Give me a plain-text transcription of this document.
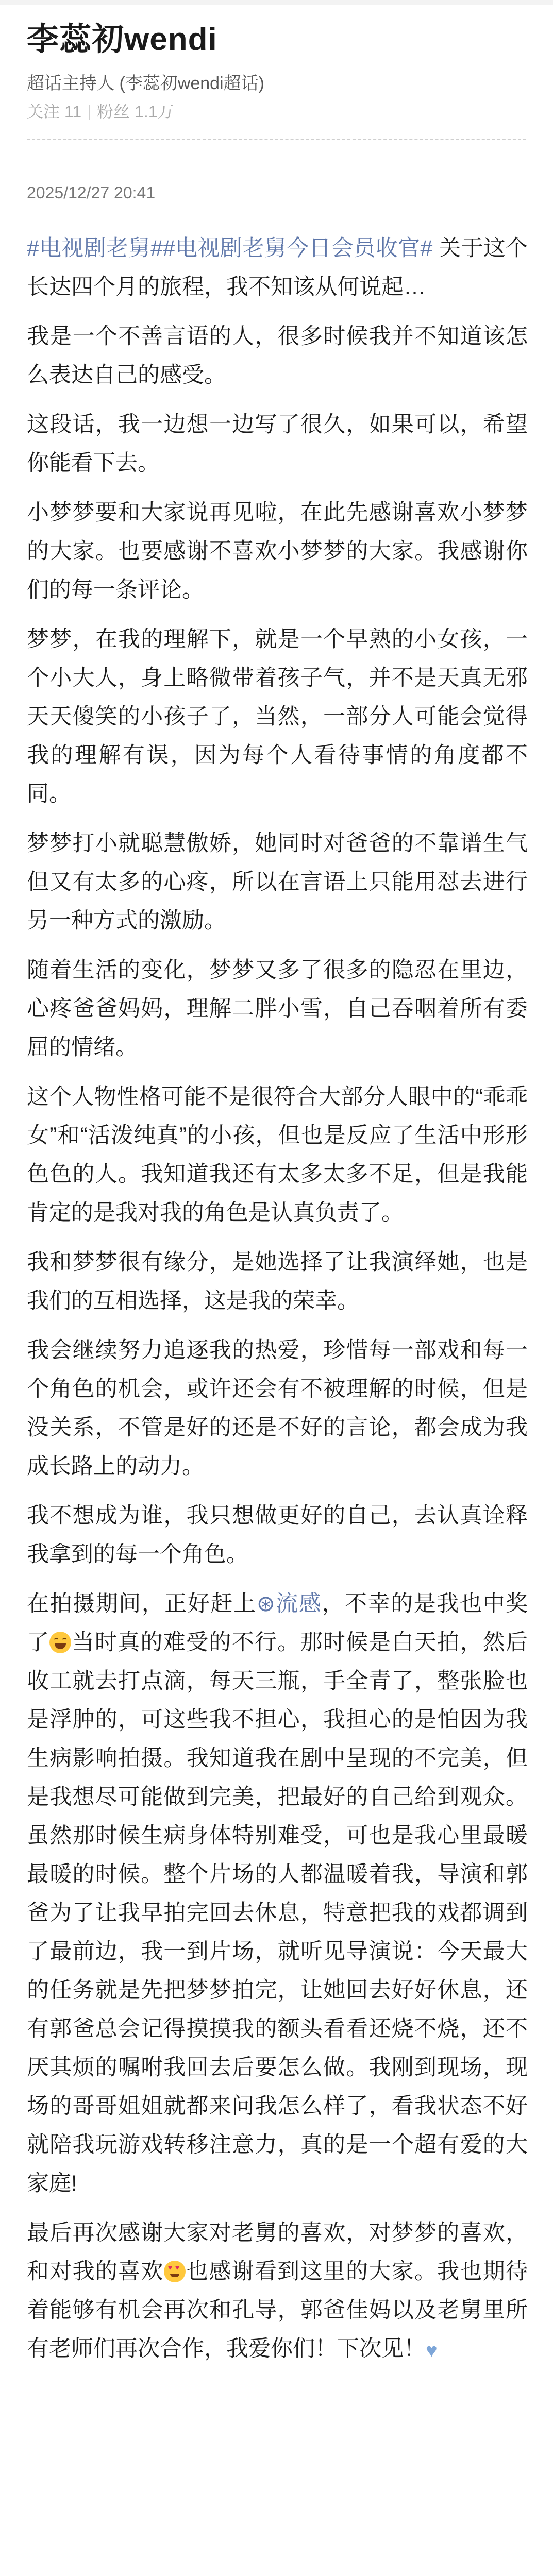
李蕊初wendi
超话主持人 (李蕊初wendi超话)
关注 11 粉丝 1.1万
2025/12/27 20:41

#电视剧老舅##电视剧老舅今日会员收官# 关于这个长达四个月的旅程，我不知该从何说起…

我是一个不善言语的人，很多时候我并不知道该怎么表达自己的感受。

这段话，我一边想一边写了很久，如果可以，希望你能看下去。

小梦梦要和大家说再见啦，在此先感谢喜欢小梦梦的大家。也要感谢不喜欢小梦梦的大家。我感谢你们的每一条评论。

梦梦，在我的理解下，就是一个早熟的小女孩，一个小大人，身上略微带着孩子气，并不是天真无邪天天傻笑的小孩子了，当然，一部分人可能会觉得我的理解有误，因为每个人看待事情的角度都不同。

梦梦打小就聪慧傲娇，她同时对爸爸的不靠谱生气但又有太多的心疼，所以在言语上只能用怼去进行另一种方式的激励。

随着生活的变化，梦梦又多了很多的隐忍在里边，心疼爸爸妈妈，理解二胖小雪，自己吞咽着所有委屈的情绪。

这个人物性格可能不是很符合大部分人眼中的“乖乖女”和“活泼纯真”的小孩，但也是反应了生活中形形色色的人。我知道我还有太多太多不足，但是我能肯定的是我对我的角色是认真负责了。

我和梦梦很有缘分，是她选择了让我演绎她，也是我们的互相选择，这是我的荣幸。

我会继续努力追逐我的热爱，珍惜每一部戏和每一个角色的机会，或许还会有不被理解的时候，但是没关系，不管是好的还是不好的言论，都会成为我成长路上的动力。

我不想成为谁，我只想做更好的自己，去认真诠释我拿到的每一个角色。

在拍摄期间，正好赶上⊛流感，不幸的是我也中奖了 当时真的难受的不行。那时候是白天拍，然后收工就去打点滴，每天三瓶，手全青了，整张脸也是浮肿的，可这些我不担心，我担心的是怕因为我生病影响拍摄。我知道我在剧中呈现的不完美，但是我想尽可能做到完美，把最好的自己给到观众。虽然那时候生病身体特别难受，可也是我心里最暖最暖的时候。整个片场的人都温暖着我，导演和郭爸为了让我早拍完回去休息，特意把我的戏都调到了最前边，我一到片场，就听见导演说：今天最大的任务就是先把梦梦拍完，让她回去好好休息，还有郭爸总会记得摸摸我的额头看看还烧不烧，还不厌其烦的嘱咐我回去后要怎么做。我刚到现场，现场的哥哥姐姐就都来问我怎么样了，看我状态不好就陪我玩游戏转移注意力，真的是一个超有爱的大家庭!

最后再次感谢大家对老舅的喜欢，对梦梦的喜欢，和对我的喜欢♥
♥ 也感谢看到这里的大家。我也期待着能够有机会再次和孔导，郭爸佳妈以及老舅里所有老师们再次合作，我爱你们！下次见！♥
